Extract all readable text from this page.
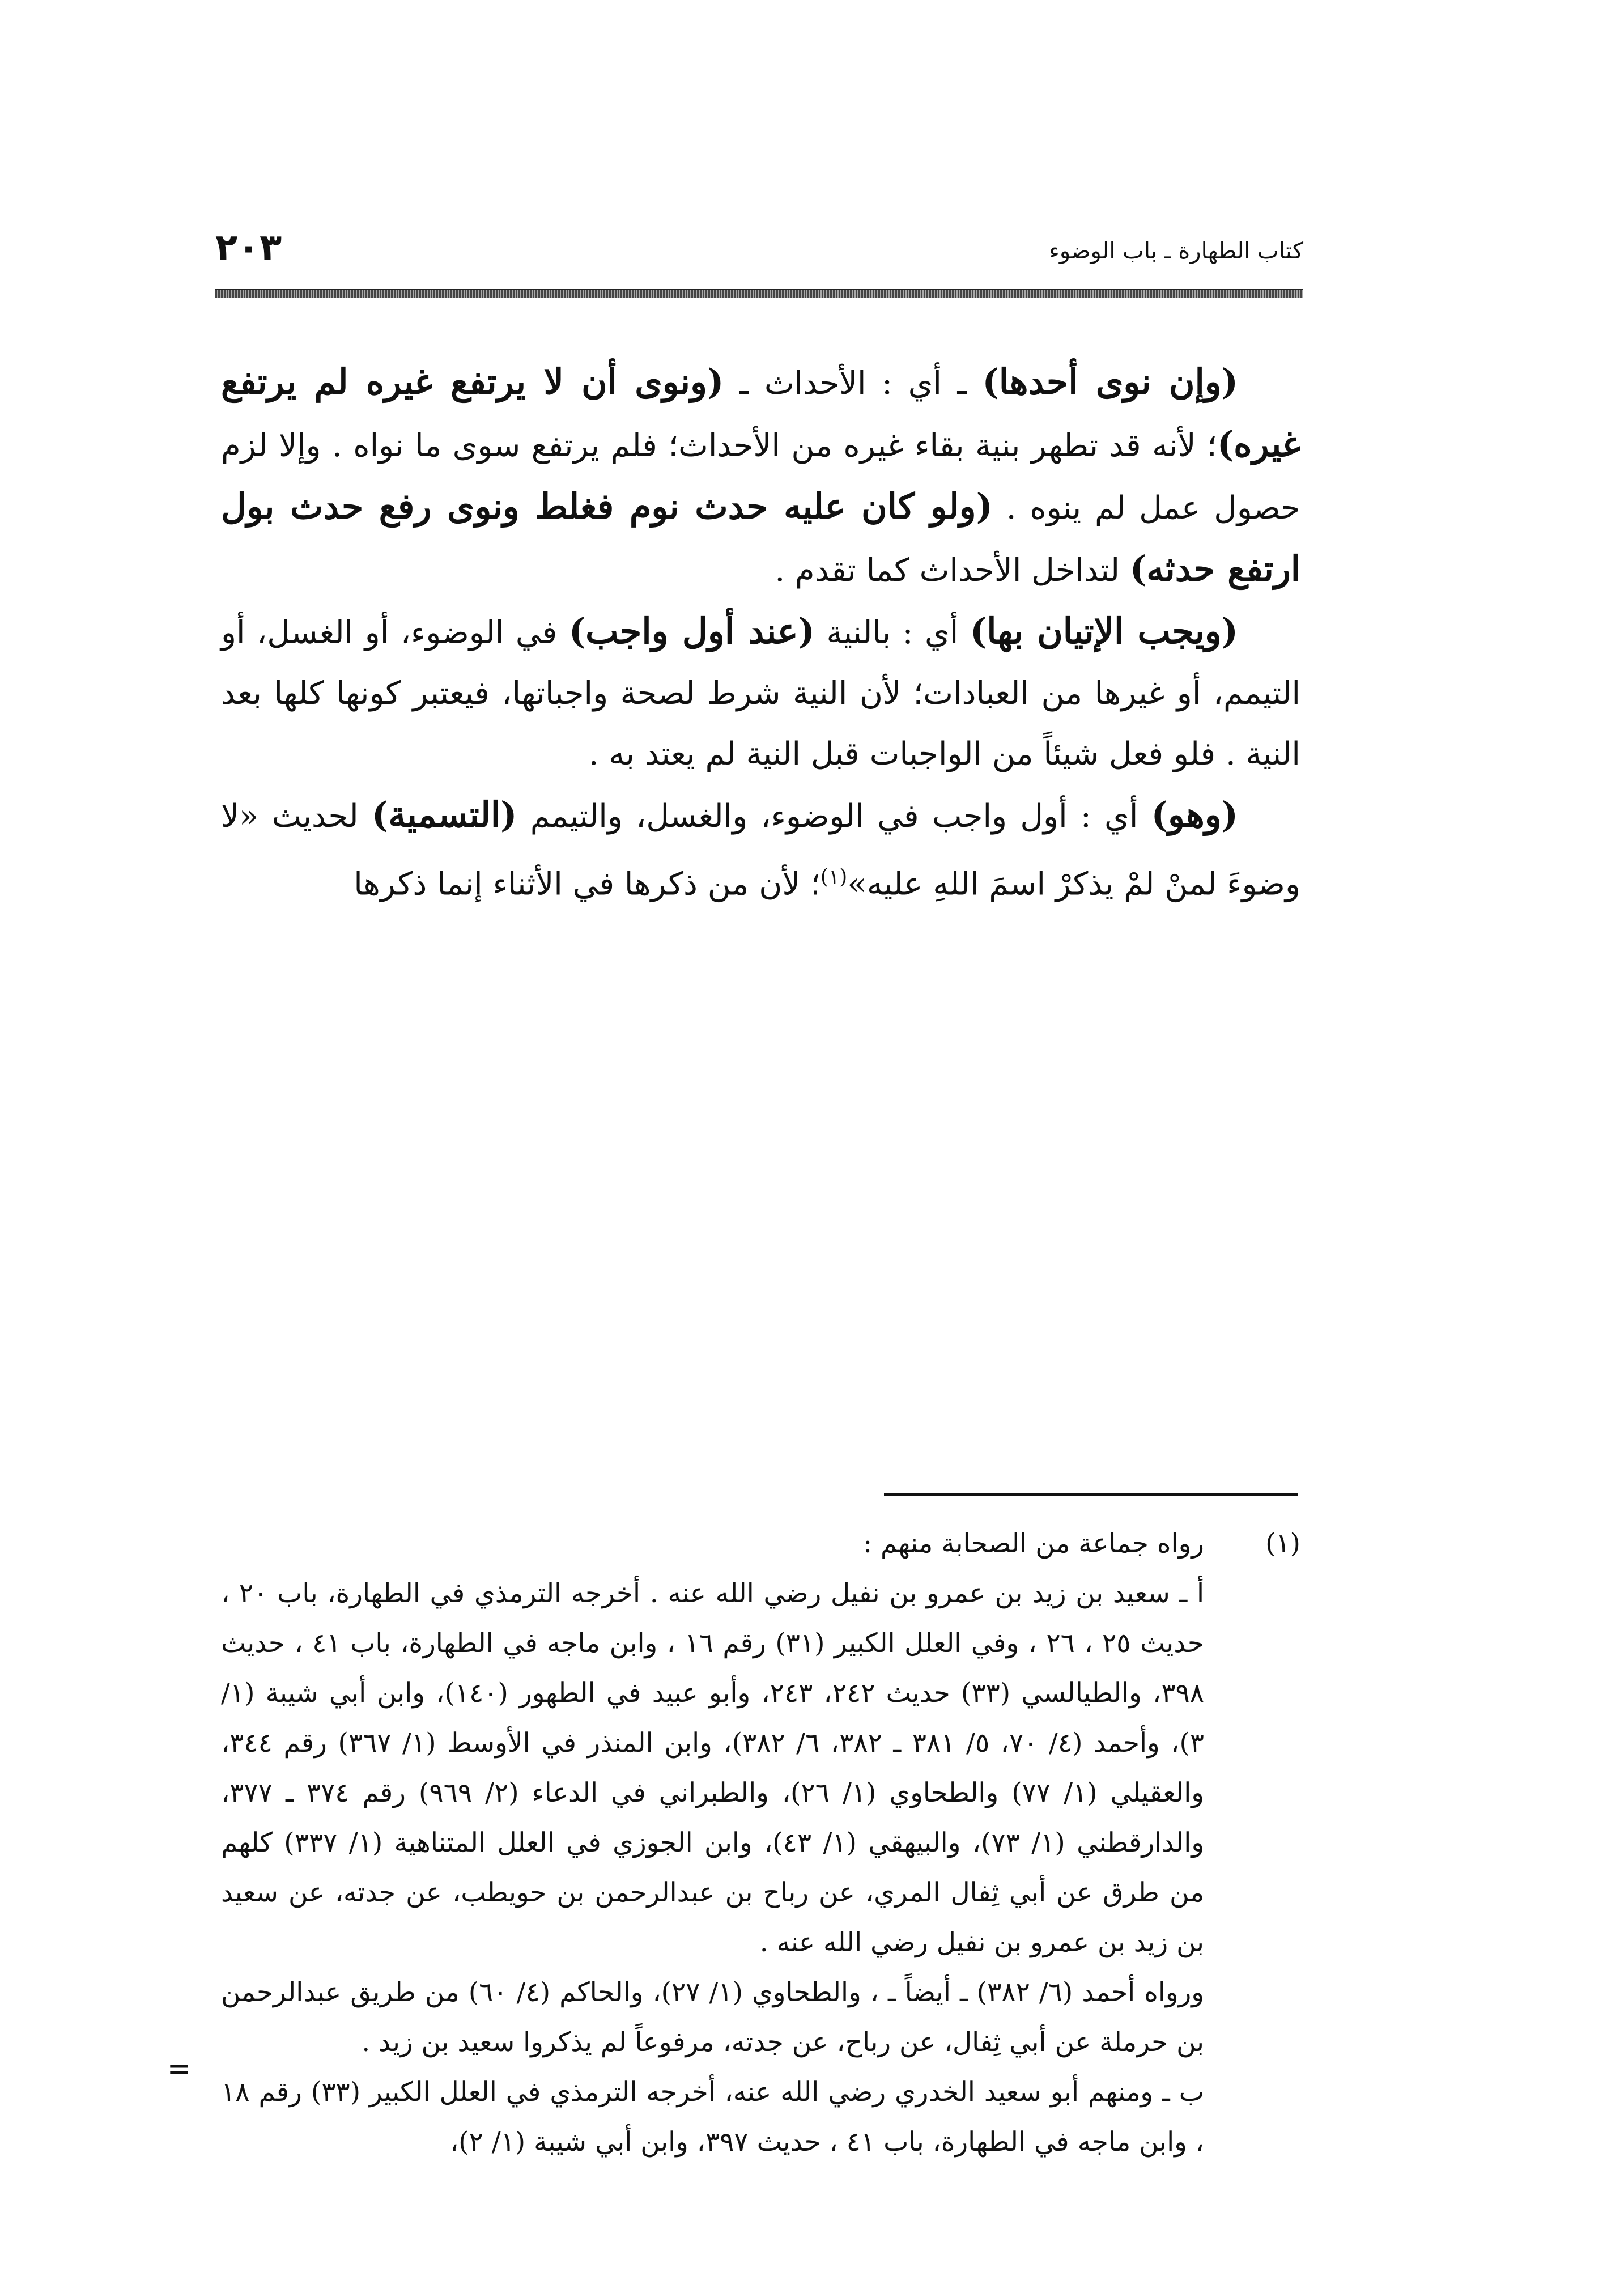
كتاب الطهارة ـ باب الوضوء
٢٠٣

(وإن نوى أحدها) ـ أي : الأحداث ـ (ونوى أن لا يرتفع غيره لم يرتفع غيره)؛ لأنه قد تطهر بنية بقاء غيره من الأحداث؛ فلم يرتفع سوى ما نواه . وإلا لزم حصول عمل لم ينوه . (ولو كان عليه حدث نوم فغلط ونوى رفع حدث بول ارتفع حدثه) لتداخل الأحداث كما تقدم .

(ويجب الإتيان بها) أي : بالنية (عند أول واجب) في الوضوء، أو الغسل، أو التيمم، أو غيرها من العبادات؛ لأن النية شرط لصحة واجباتها، فيعتبر كونها كلها بعد النية . فلو فعل شيئاً من الواجبات قبل النية لم يعتد به .

(وهو) أي : أول واجب في الوضوء، والغسل، والتيمم (التسمية) لحديث «لا وضوءَ لمنْ لمْ يذكرْ اسمَ اللهِ عليه»$^{(١)}$؛ لأن من ذكرها في الأثناء إنما ذكرها

(١)
رواه جماعة من الصحابة منهم :

أ ـ سعيد بن زيد بن عمرو بن نفيل رضي الله عنه . أخرجه الترمذي في الطهارة، باب ٢٠ ، حديث ٢٥ ، ٢٦ ، وفي العلل الكبير (٣١) رقم ١٦ ، وابن ماجه في الطهارة، باب ٤١ ، حديث ٣٩٨، والطيالسي (٣٣) حديث ٢٤٢، ٢٤٣، وأبو عبيد في الطهور (١٤٠)، وابن أبي شيبة (١/ ٣)، وأحمد (٤/ ٧٠، ٥/ ٣٨١ ـ ٣٨٢، ٦/ ٣٨٢)، وابن المنذر في الأوسط (١/ ٣٦٧) رقم ٣٤٤، والعقيلي (١/ ٧٧) والطحاوي (١/ ٢٦)، والطبراني في الدعاء (٢/ ٩٦٩) رقم ٣٧٤ ـ ٣٧٧، والدارقطني (١/ ٧٣)، والبيهقي (١/ ٤٣)، وابن الجوزي في العلل المتناهية (١/ ٣٣٧) كلهم من طرق عن أبي ثِفال المري، عن رباح بن عبدالرحمن بن حويطب، عن جدته، عن سعيد بن زيد بن عمرو بن نفيل رضي الله عنه .

ورواه أحمد (٦/ ٣٨٢) ـ أيضاً ـ ، والطحاوي (١/ ٢٧)، والحاكم (٤/ ٦٠) من طريق عبدالرحمن بن حرملة عن أبي ثِفال، عن رباح، عن جدته، مرفوعاً لم يذكروا سعيد بن زيد .

ب ـ ومنهم أبو سعيد الخدري رضي الله عنه، أخرجه الترمذي في العلل الكبير (٣٣) رقم ١٨ ، وابن ماجه في الطهارة، باب ٤١ ، حديث ٣٩٧، وابن أبي شيبة (١/ ٢)،

=
